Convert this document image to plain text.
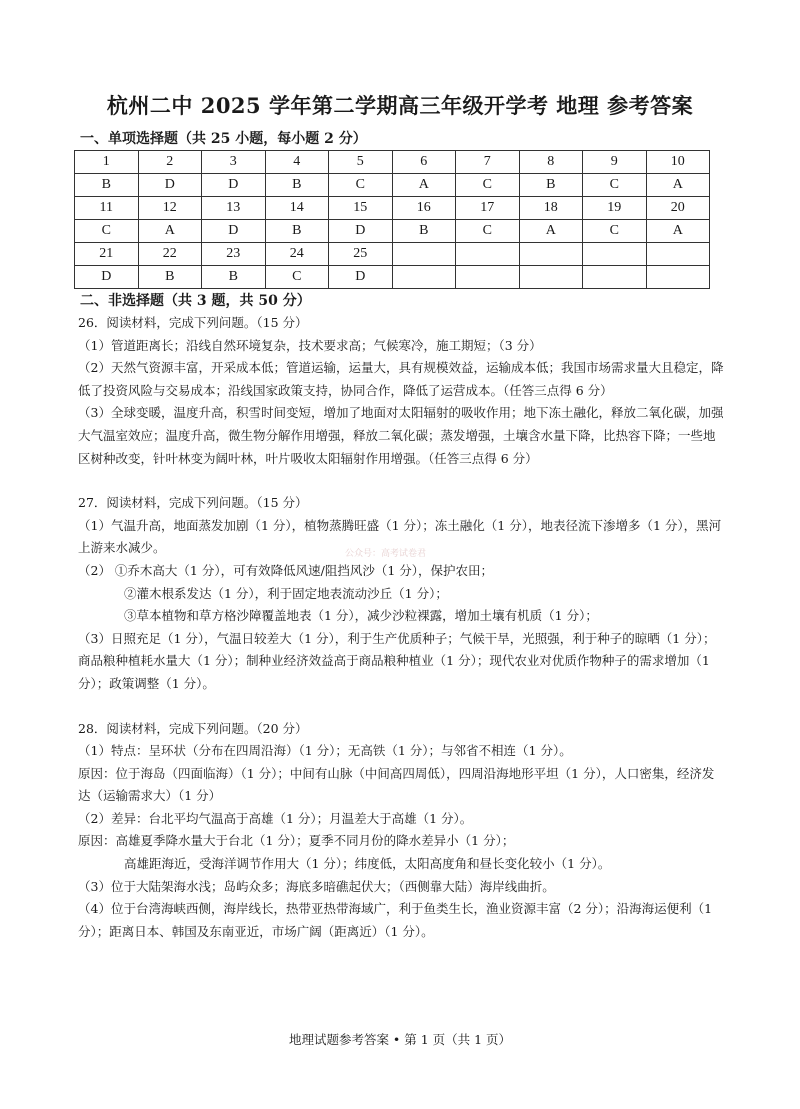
杭州二中 2025 学年第二学期高三年级开学考 地理 参考答案
一、单项选择题（共 25 小题，每小题 2 分）
1	2	3	4	5	6	7	8	9	10
B	D	D	B	C	A	C	B	C	A
11	12	13	14	15	16	17	18	19	20
C	A	D	B	D	B	C	A	C	A
21	22	23	24	25					
D	B	B	C	D					
二、非选择题（共 3 题，共 50 分）

26．阅读材料，完成下列问题。（15 分）

（1）管道距离长；沿线自然环境复杂，技术要求高；气候寒冷，施工期短；（3 分）

（2）天然气资源丰富，开采成本低；管道运输，运量大，具有规模效益，运输成本低；我国市场需求量大且稳定，降低了投资风险与交易成本；沿线国家政策支持，协同合作，降低了运营成本。（任答三点得 6 分）

（3）全球变暖，温度升高，积雪时间变短，增加了地面对太阳辐射的吸收作用；地下冻土融化，释放二氧化碳，加强大气温室效应；温度升高，微生物分解作用增强，释放二氧化碳；蒸发增强，土壤含水量下降，比热容下降；一些地区树种改变，针叶林变为阔叶林，叶片吸收太阳辐射作用增强。（任答三点得 6 分）

27．阅读材料，完成下列问题。（15 分）

（1）气温升高，地面蒸发加剧（1 分），植物蒸腾旺盛（1 分）；冻土融化（1 分），地表径流下渗增多（1 分），黑河上游来水减少。

（2） ①乔木高大（1 分），可有效降低风速/阻挡风沙（1 分），保护农田；

②灌木根系发达（1 分），利于固定地表流动沙丘（1 分）；

③草本植物和草方格沙障覆盖地表（1 分），减少沙粒裸露，增加土壤有机质（1 分）；

（3）日照充足（1 分），气温日较差大（1 分），利于生产优质种子；气候干旱，光照强，利于种子的晾晒（1 分）；商品粮种植耗水量大（1 分）；制种业经济效益高于商品粮种植业（1 分）；现代农业对优质作物种子的需求增加（1 分）；政策调整（1 分）。

28．阅读材料，完成下列问题。（20 分）

（1）特点：呈环状（分布在四周沿海）（1 分）；无高铁（1 分）；与邻省不相连（1 分）。

原因：位于海岛（四面临海）（1 分）；中间有山脉（中间高四周低），四周沿海地形平坦（1 分），人口密集，经济发达（运输需求大）（1 分）

（2）差异：台北平均气温高于高雄（1 分）；月温差大于高雄（1 分）。

原因：高雄夏季降水量大于台北（1 分）；夏季不同月份的降水差异小（1 分）；

高雄距海近，受海洋调节作用大（1 分）；纬度低，太阳高度角和昼长变化较小（1 分）。

（3）位于大陆架海水浅；岛屿众多；海底多暗礁起伏大；（西侧靠大陆）海岸线曲折。

（4）位于台湾海峡西侧，海岸线长，热带亚热带海域广，利于鱼类生长，渔业资源丰富（2 分）；沿海海运便利（1 分）；距离日本、韩国及东南亚近，市场广阔（距离近）（1 分）。

公众号：高考试卷君
地理试题参考答案 • 第 1 页（共 1 页）
